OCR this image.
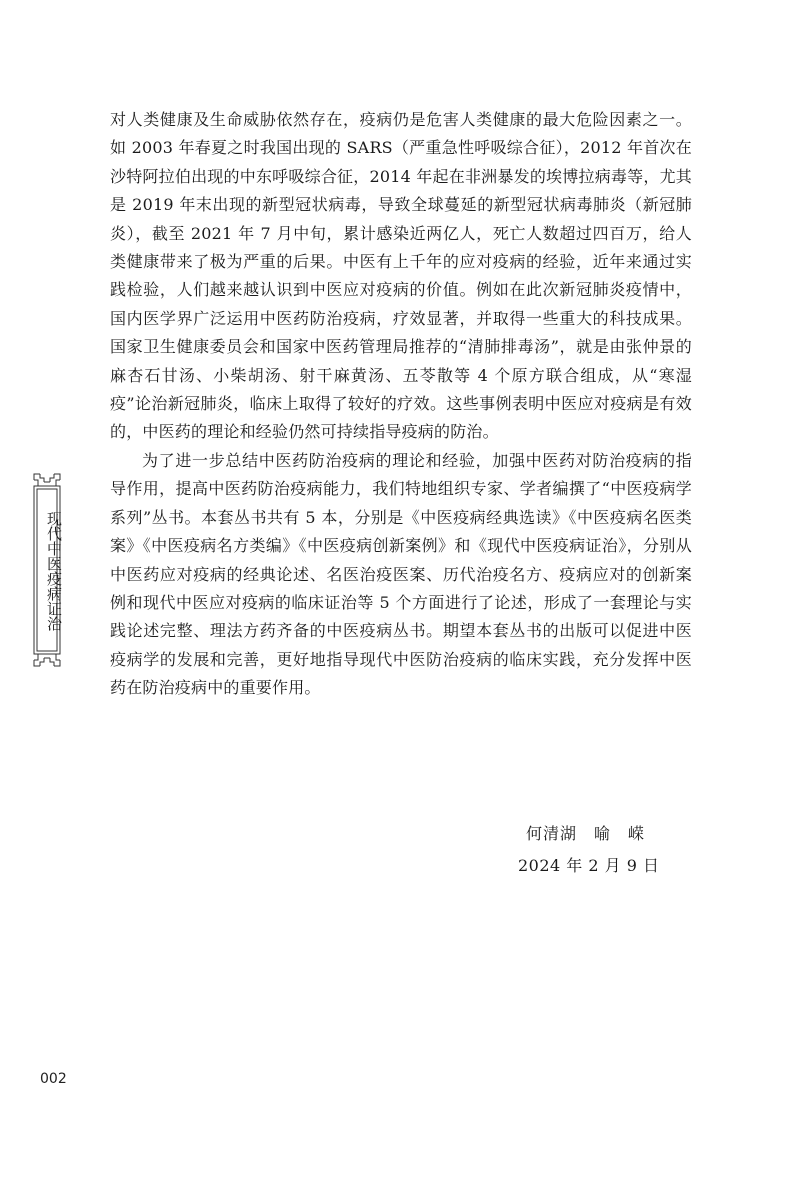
对人类健康及生命威胁依然存在，疫病仍是危害人类健康的最大危险因素之一。如 2003 年春夏之时我国出现的 SARS（严重急性呼吸综合征），2012 年首次在沙特阿拉伯出现的中东呼吸综合征，2014 年起在非洲暴发的埃博拉病毒等，尤其是 2019 年末出现的新型冠状病毒，导致全球蔓延的新型冠状病毒肺炎（新冠肺炎），截至 2021 年 7 月中旬，累计感染近两亿人，死亡人数超过四百万，给人类健康带来了极为严重的后果。中医有上千年的应对疫病的经验，近年来通过实践检验，人们越来越认识到中医应对疫病的价值。例如在此次新冠肺炎疫情中，国内医学界广泛运用中医药防治疫病，疗效显著，并取得一些重大的科技成果。国家卫生健康委员会和国家中医药管理局推荐的“清肺排毒汤”，就是由张仲景的麻杏石甘汤、小柴胡汤、射干麻黄汤、五苓散等 4 个原方联合组成，从“寒湿疫”论治新冠肺炎，临床上取得了较好的疗效。这些事例表明中医应对疫病是有效的，中医药的理论和经验仍然可持续指导疫病的防治。

为了进一步总结中医药防治疫病的理论和经验，加强中医药对防治疫病的指导作用，提高中医药防治疫病能力，我们特地组织专家、学者编撰了“中医疫病学系列”丛书。本套丛书共有 5 本，分别是《中医疫病经典选读》《中医疫病名医类案》《中医疫病名方类编》《中医疫病创新案例》和《现代中医疫病证治》，分别从中医药应对疫病的经典论述、名医治疫医案、历代治疫名方、疫病应对的创新案例和现代中医应对疫病的临床证治等 5 个方面进行了论述，形成了一套理论与实践论述完整、理法方药齐备的中医疫病丛书。期望本套丛书的出版可以促进中医疫病学的发展和完善，更好地指导现代中医防治疫病的临床实践，充分发挥中医药在防治疫病中的重要作用。

何清湖　喻　嵘
2024 年 2 月 9 日
现代中医疫病证治
002
